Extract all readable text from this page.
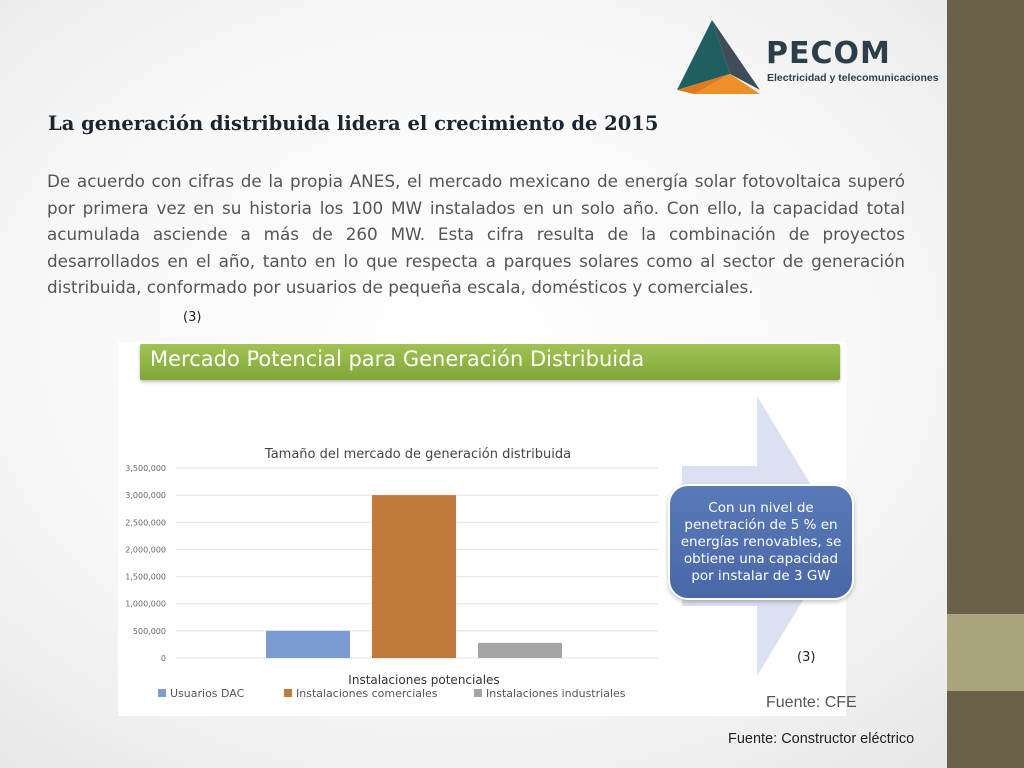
PECOM
Electricidad y telecomunicaciones
La generación distribuida lidera el crecimiento de 2015
De acuerdo con cifras de la propia ANES, el mercado mexicano de energía solar fotovoltaica superó por primera vez en su historia los 100 MW instalados en un solo año. Con ello, la capacidad total acumulada asciende a más de 260 MW. Esta cifra resulta de la combinación de proyectos desarrollados en el año, tanto en lo que respecta a parques solares como al sector de generación distribuida, conformado por usuarios de pequeña escala, domésticos y comerciales.
(3)
Mercado Potencial para Generación Distribuida
Tamaño del mercado de generación distribuida
3,500,000
3,000,000
2,500,000
2,000,000
1,500,000
1,000,000
500,000
0
Instalaciones potenciales
Usuarios DAC	Instalaciones comerciales	Instalaciones industriales
Con un nivel de
penetración de 5 % en
energías renovables, se
obtiene una capacidad
por instalar de 3 GW
(3)
Fuente: CFE
Fuente: Constructor eléctrico
